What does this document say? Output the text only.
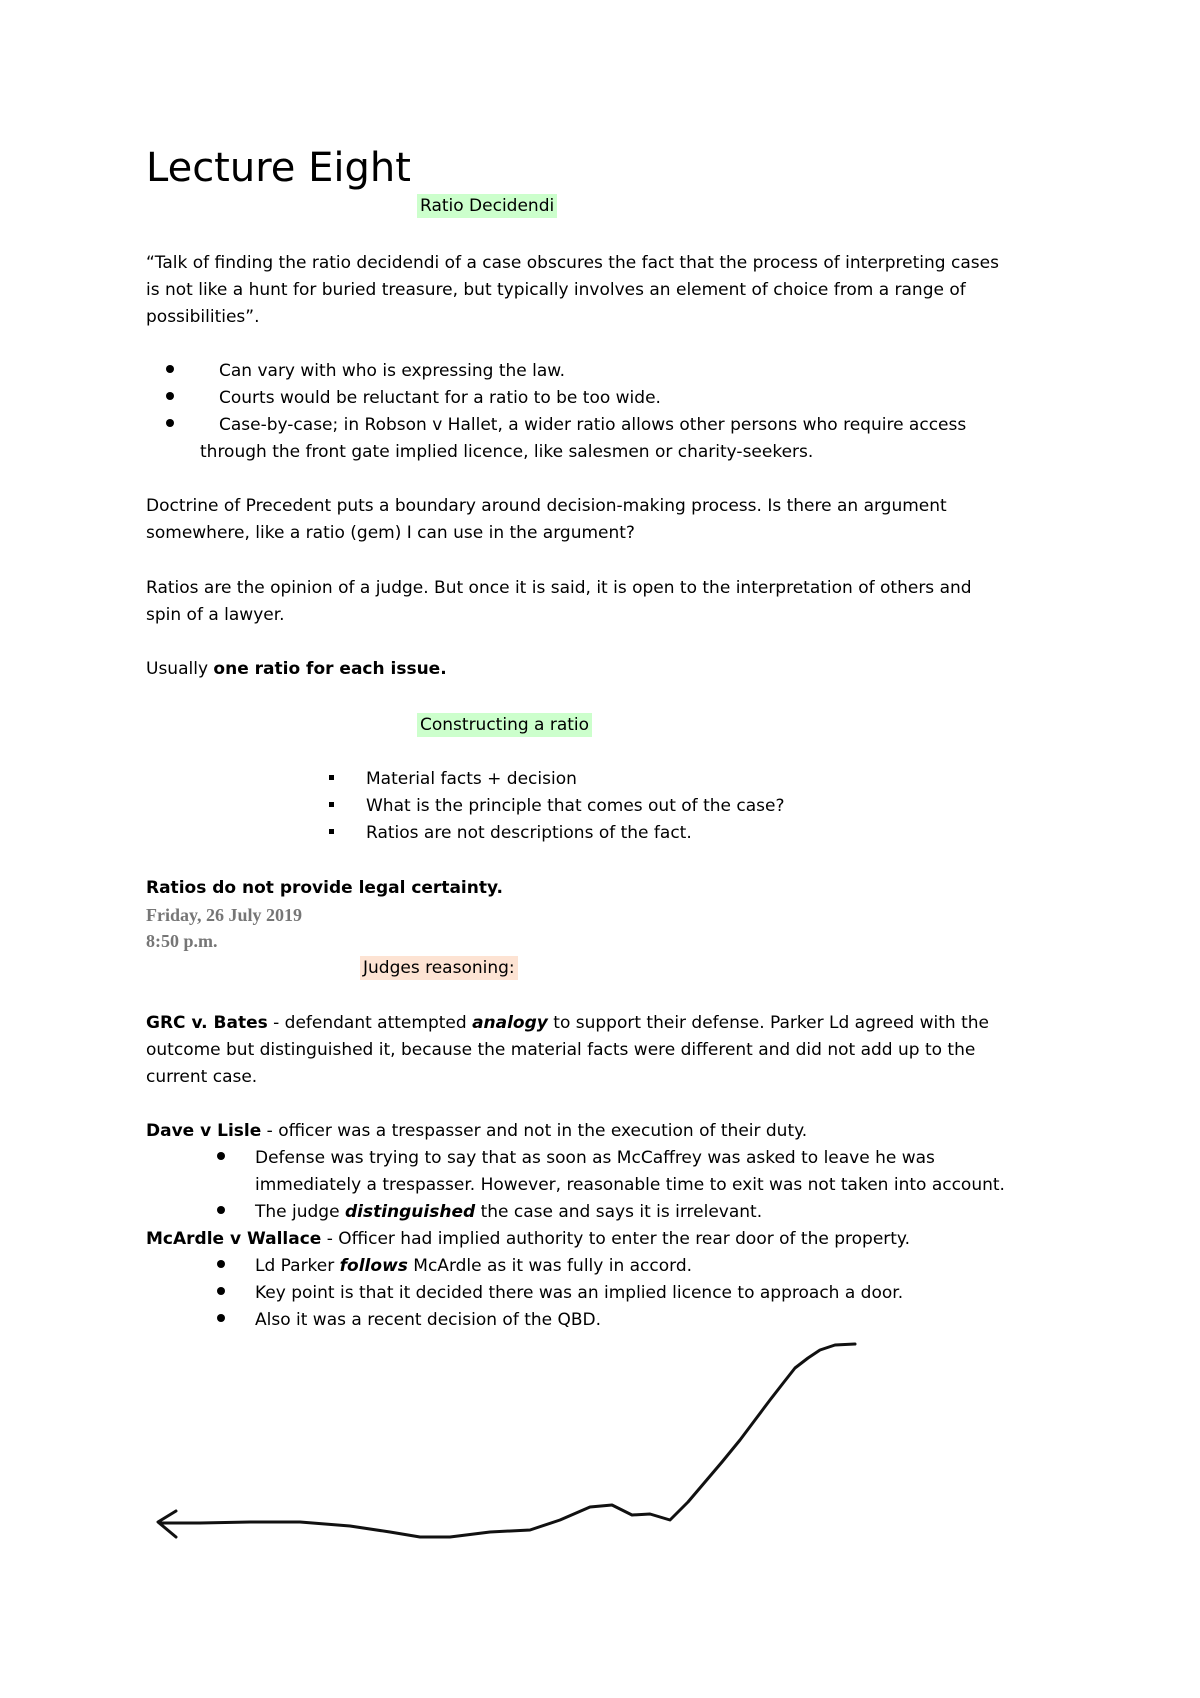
Lecture Eight
Ratio Decidendi
“Talk of finding the ratio decidendi of a case obscures the fact that the process of interpreting cases
is not like a hunt for buried treasure, but typically involves an element of choice from a range of
possibilities”.
Can vary with who is expressing the law.
Courts would be reluctant for a ratio to be too wide.
Case-by-case; in Robson v Hallet, a wider ratio allows other persons who require access
through the front gate implied licence, like salesmen or charity-seekers.
Doctrine of Precedent puts a boundary around decision-making process. Is there an argument
somewhere, like a ratio (gem) I can use in the argument?
Ratios are the opinion of a judge. But once it is said, it is open to the interpretation of others and
spin of a lawyer.
Usually one ratio for each issue.
Constructing a ratio
Material facts + decision
What is the principle that comes out of the case?
Ratios are not descriptions of the fact.
Ratios do not provide legal certainty.
Friday, 26 July 2019
8:50 p.m.
Judges reasoning:
GRC v. Bates - defendant attempted analogy to support their defense. Parker Ld agreed with the
outcome but distinguished it, because the material facts were different and did not add up to the
current case.
Dave v Lisle - officer was a trespasser and not in the execution of their duty.
Defense was trying to say that as soon as McCaffrey was asked to leave he was
immediately a trespasser. However, reasonable time to exit was not taken into account.
The judge distinguished the case and says it is irrelevant.
McArdle v Wallace - Officer had implied authority to enter the rear door of the property.
Ld Parker follows McArdle as it was fully in accord.
Key point is that it decided there was an implied licence to approach a door.
Also it was a recent decision of the QBD.
